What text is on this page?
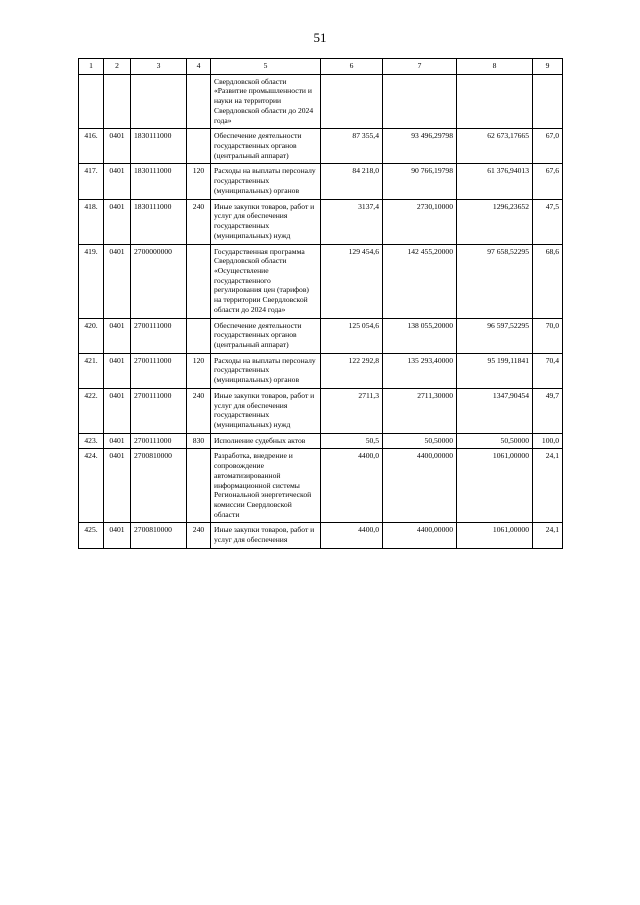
51
1	2	3	4	5	6	7	8	9
				Свердловской области «Развитие промышленности и науки на территории Свердловской области до 2024 года»				
416.	0401	1830111000		Обеспечение деятельности государственных органов (центральный аппарат)	87 355,4	93 496,29798	62 673,17665	67,0
417.	0401	1830111000	120	Расходы на выплаты персоналу государственных (муниципальных) органов	84 218,0	90 766,19798	61 376,94013	67,6
418.	0401	1830111000	240	Иные закупки товаров, работ и услуг для обеспечения государственных (муниципальных) нужд	3137,4	2730,10000	1296,23652	47,5
419.	0401	2700000000		Государственная программа Свердловской области «Осуществление государственного регулирования цен (тарифов) на территории Свердловской области до 2024 года»	129 454,6	142 455,20000	97 658,52295	68,6
420.	0401	2700111000		Обеспечение деятельности государственных органов (центральный аппарат)	125 054,6	138 055,20000	96 597,52295	70,0
421.	0401	2700111000	120	Расходы на выплаты персоналу государственных (муниципальных) органов	122 292,8	135 293,40000	95 199,11841	70,4
422.	0401	2700111000	240	Иные закупки товаров, работ и услуг для обеспечения государственных (муниципальных) нужд	2711,3	2711,30000	1347,90454	49,7
423.	0401	2700111000	830	Исполнение судебных актов	50,5	50,50000	50,50000	100,0
424.	0401	2700810000		Разработка, внедрение и сопровождение автоматизированной информационной системы Региональной энергетической комиссии Свердловской области	4400,0	4400,00000	1061,00000	24,1
425.	0401	2700810000	240	Иные закупки товаров, работ и услуг для обеспечения	4400,0	4400,00000	1061,00000	24,1
